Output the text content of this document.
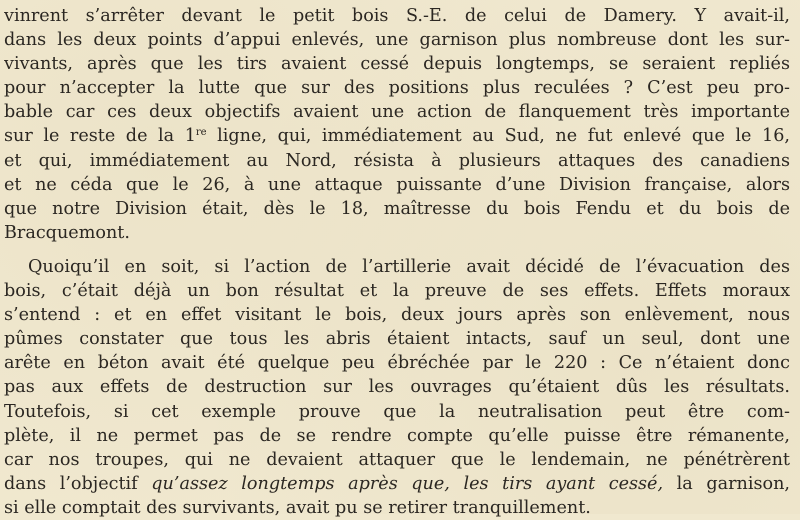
vinrent s’arrêter devant le petit bois S.-E. de celui de Damery. Y avait-il,
dans les deux points d’appui enlevés, une garnison plus nombreuse dont les sur-
vivants, après que les tirs avaient cessé depuis longtemps, se seraient repliés
pour n’accepter la lutte que sur des positions plus reculées ? C’est peu pro-
bable car ces deux objectifs avaient une action de flanquement très importante
sur le reste de la 1re ligne, qui, immédiatement au Sud, ne fut enlevé que le 16,
et qui, immédiatement au Nord, résista à plusieurs attaques des canadiens
et ne céda que le 26, à une attaque puissante d’une Division française, alors
que notre Division était, dès le 18, maîtresse du bois Fendu et du bois de
Bracquemont.
Quoiqu’il en soit, si l’action de l’artillerie avait décidé de l’évacuation des
bois, c’était déjà un bon résultat et la preuve de ses effets. Effets moraux
s’entend : et en effet visitant le bois, deux jours après son enlèvement, nous
pûmes constater que tous les abris étaient intacts, sauf un seul, dont une
arête en béton avait été quelque peu ébréchée par le 220 : Ce n’étaient donc
pas aux effets de destruction sur les ouvrages qu’étaient dûs les résultats.
Toutefois, si cet exemple prouve que la neutralisation peut être com-
plète, il ne permet pas de se rendre compte qu’elle puisse être rémanente,
car nos troupes, qui ne devaient attaquer que le lendemain, ne pénétrèrent
dans l’objectif qu’assez longtemps après que, les tirs ayant cessé, la garnison,
si elle comptait des survivants, avait pu se retirer tranquillement.
